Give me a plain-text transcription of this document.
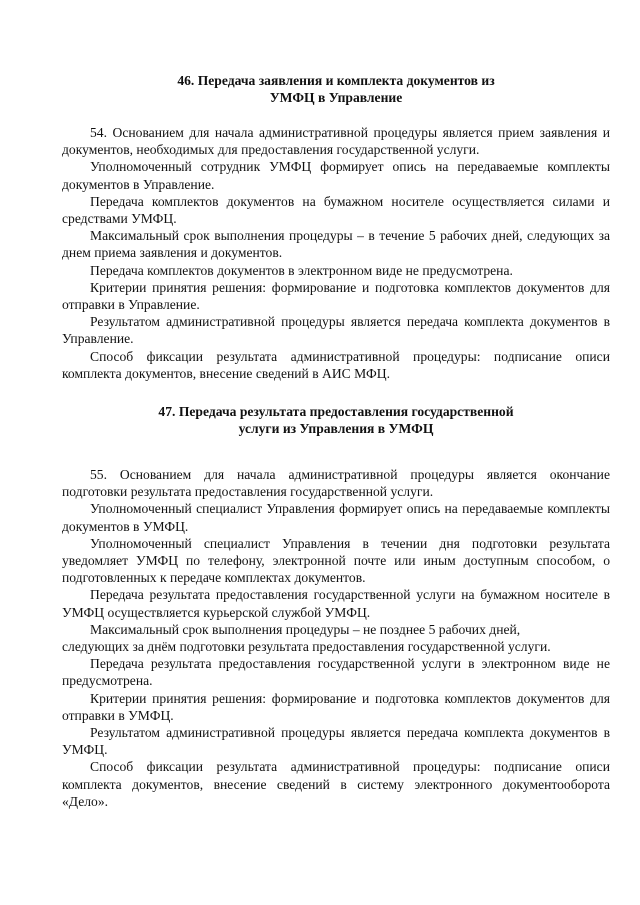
46. Передача заявления и комплекта документов из
УМФЦ в Управление

54. Основанием для начала административной процедуры является прием заявления и документов, необходимых для предоставления государственной услуги.

Уполномоченный сотрудник УМФЦ формирует опись на передаваемые комплекты документов в Управление.

Передача комплектов документов на бумажном носителе осуществляется силами и средствами УМФЦ.

Максимальный срок выполнения процедуры – в течение 5 рабочих дней, следующих за днем приема заявления и документов.

Передача комплектов документов в электронном виде не предусмотрена.

Критерии принятия решения: формирование и подготовка комплектов документов для отправки в Управление.

Результатом административной процедуры является передача комплекта документов в Управление.

Способ фиксации результата административной процедуры: подписание описи комплекта документов, внесение сведений в АИС МФЦ.

47. Передача результата предоставления государственной
услуги из Управления в УМФЦ

55. Основанием для начала административной процедуры является окончание подготовки результата предоставления государственной услуги.

Уполномоченный специалист Управления формирует опись на передаваемые комплекты документов в УМФЦ.

Уполномоченный специалист Управления в течении дня подготовки результата уведомляет УМФЦ по телефону, электронной почте или иным доступным способом, о подготовленных к передаче комплектах документов.

Передача результата предоставления государственной услуги на бумажном носителе в УМФЦ осуществляется курьерской службой УМФЦ.

Максимальный срок выполнения процедуры – не позднее 5 рабочих дней,

следующих за днём подготовки результата предоставления государственной услуги.

Передача результата предоставления государственной услуги в электронном виде не предусмотрена.

Критерии принятия решения: формирование и подготовка комплектов документов для отправки в УМФЦ.

Результатом административной процедуры является передача комплекта документов в УМФЦ.

Способ фиксации результата административной процедуры: подписание описи комплекта документов, внесение сведений в систему электронного документооборота «Дело».
